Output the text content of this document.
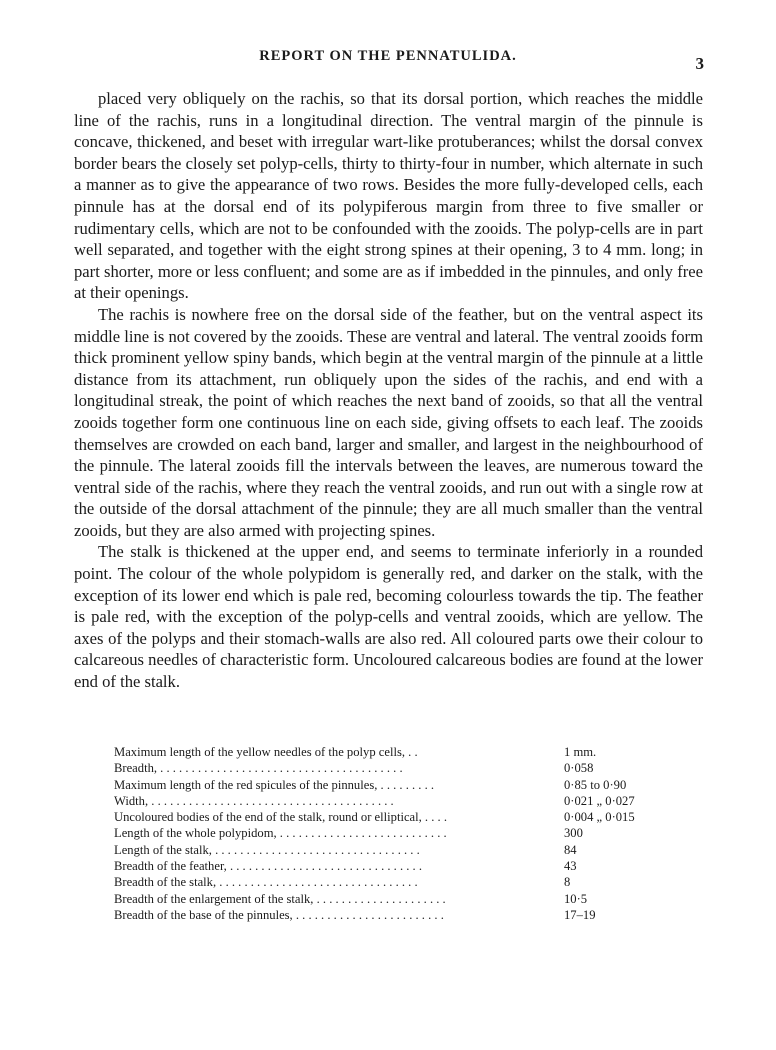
REPORT ON THE PENNATULIDA.	3

placed very obliquely on the rachis, so that its dorsal portion, which reaches the middle line of the rachis, runs in a longitudinal direction. The ventral margin of the pinnule is concave, thickened, and beset with irregular wart-like protuberances; whilst the dorsal convex border bears the closely set polyp-cells, thirty to thirty-four in number, which alternate in such a manner as to give the appearance of two rows. Besides the more fully-developed cells, each pinnule has at the dorsal end of its polypiferous margin from three to five smaller or rudimentary cells, which are not to be confounded with the zooids. The polyp-cells are in part well separated, and together with the eight strong spines at their opening, 3 to 4 mm. long; in part shorter, more or less confluent; and some are as if imbedded in the pinnules, and only free at their openings.

The rachis is nowhere free on the dorsal side of the feather, but on the ventral aspect its middle line is not covered by the zooids. These are ventral and lateral. The ventral zooids form thick prominent yellow spiny bands, which begin at the ventral margin of the pinnule at a little distance from its attachment, run obliquely upon the sides of the rachis, and end with a longitudinal streak, the point of which reaches the next band of zooids, so that all the ventral zooids together form one continuous line on each side, giving offsets to each leaf. The zooids themselves are crowded on each band, larger and smaller, and largest in the neighbourhood of the pinnule. The lateral zooids fill the intervals between the leaves, are numerous toward the ventral side of the rachis, where they reach the ventral zooids, and run out with a single row at the outside of the dorsal attachment of the pinnule; they are all much smaller than the ventral zooids, but they are also armed with projecting spines.

The stalk is thickened at the upper end, and seems to terminate inferiorly in a rounded point. The colour of the whole polypidom is generally red, and darker on the stalk, with the exception of its lower end which is pale red, becoming colourless towards the tip. The feather is pale red, with the exception of the polyp-cells and ventral zooids, which are yellow. The axes of the polyps and their stomach-walls are also red. All coloured parts owe their colour to calcareous needles of characteristic form. Uncoloured calcareous bodies are found at the lower end of the stalk.

Maximum length of the yellow needles of the polyp cells, . .	1 mm.
Breadth, . . . . . . . . . . . . . . . . . . . . . . . . . . . . . . . . . . . . . . .	0·058
Maximum length of the red spicules of the pinnules, . . . . . . . . .	0·85 to 0·90
Width, . . . . . . . . . . . . . . . . . . . . . . . . . . . . . . . . . . . . . . .	0·021 „ 0·027
Uncoloured bodies of the end of the stalk, round or elliptical, . . . .	0·004 „ 0·015
Length of the whole polypidom, . . . . . . . . . . . . . . . . . . . . . . . . . . .	300
Length of the stalk, . . . . . . . . . . . . . . . . . . . . . . . . . . . . . . . . .	84
Breadth of the feather, . . . . . . . . . . . . . . . . . . . . . . . . . . . . . . .	43
Breadth of the stalk, . . . . . . . . . . . . . . . . . . . . . . . . . . . . . . . .	8
Breadth of the enlargement of the stalk, . . . . . . . . . . . . . . . . . . . . .	10·5
Breadth of the base of the pinnules, . . . . . . . . . . . . . . . . . . . . . . . .	17–19
